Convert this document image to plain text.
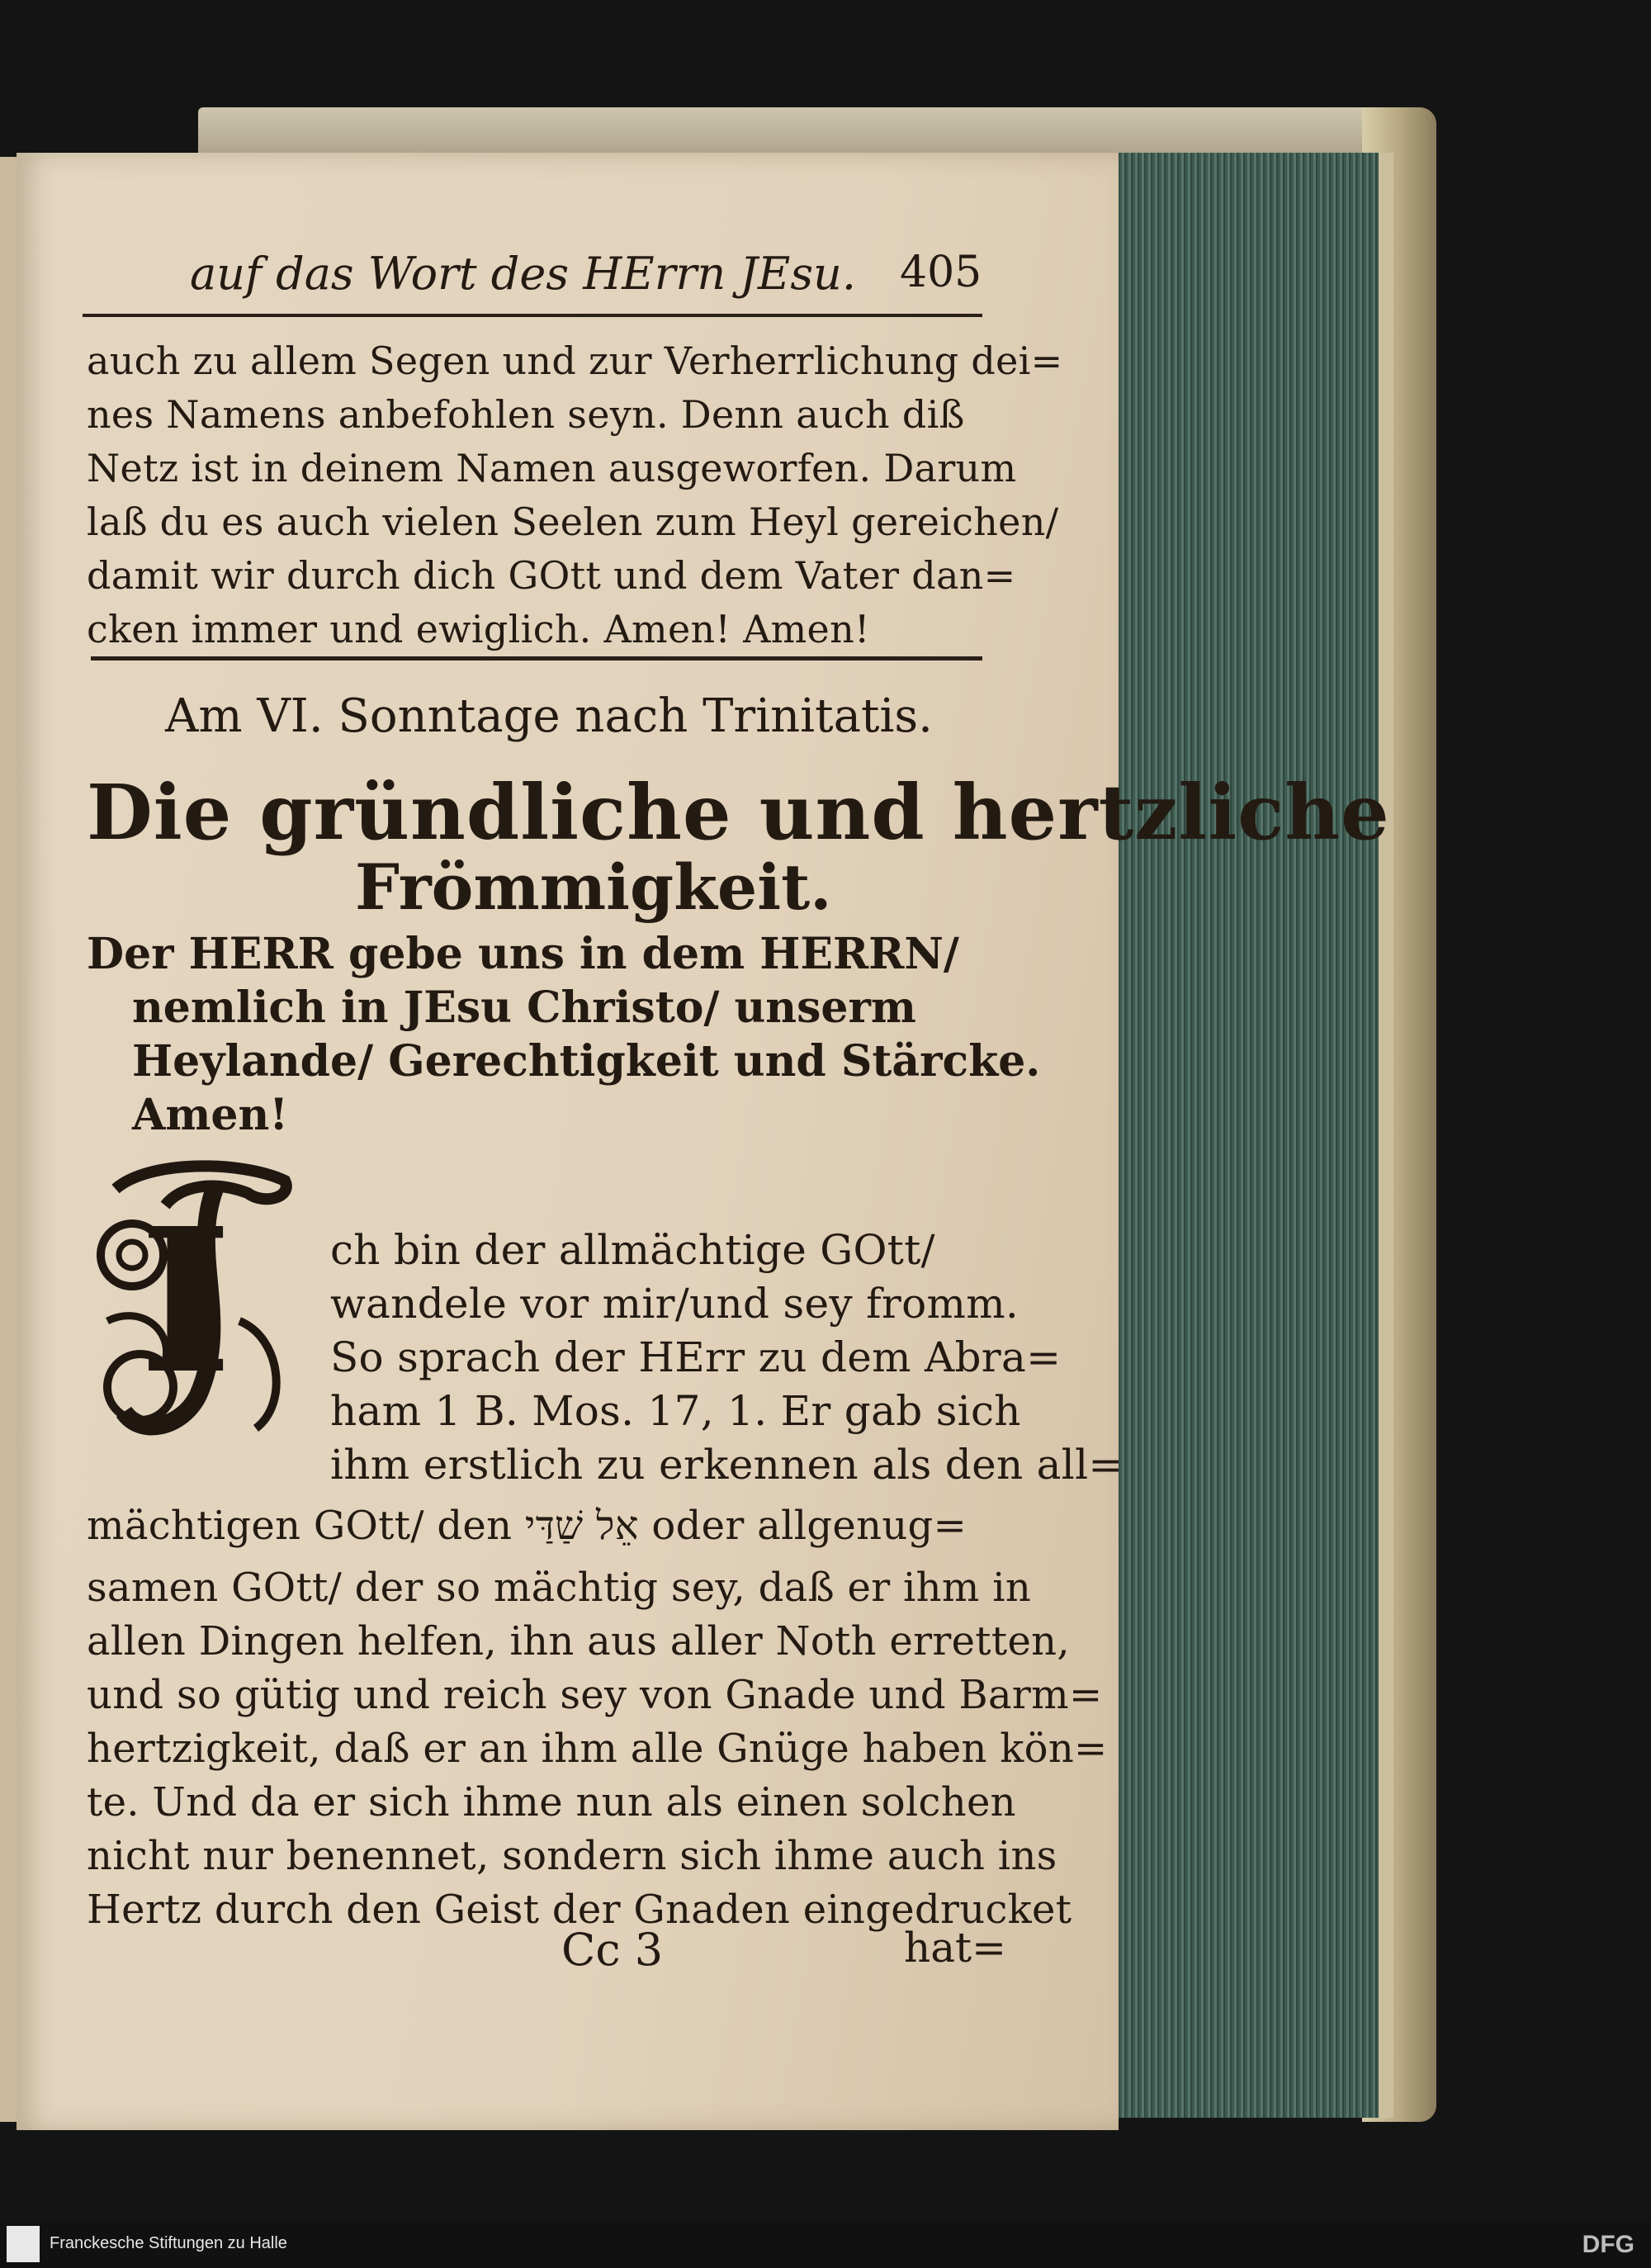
auf das Wort des HErrn JEsu. 405
auch zu allem Segen und zur Verherrlichung dei=
nes Namens anbefohlen seyn. Denn auch diß
Netz ist in deinem Namen ausgeworfen. Darum
laß du es auch vielen Seelen zum Heyl gereichen/
damit wir durch dich GOtt und dem Vater dan=
cken immer und ewiglich. Amen! Amen!
Am VI. Sonntage nach Trinitatis.
Die gründliche und hertzliche
Frömmigkeit.
Der HERR gebe uns in dem HERRN/
nemlich in JEsu Christo/ unserm
Heylande/ Gerechtigkeit und Stärcke.
Amen!
I ch bin der allmächtige GOtt/
wandele vor mir/und sey fromm.
So sprach der HErr zu dem Abra=
ham 1 B. Mos. 17, 1. Er gab sich
ihm erstlich zu erkennen als den all=
mächtigen GOtt/ den אֵל שַׁדַּי oder allgenug=
samen GOtt/ der so mächtig sey, daß er ihm in
allen Dingen helfen, ihn aus aller Noth erretten,
und so gütig und reich sey von Gnade und Barm=
hertzigkeit, daß er an ihm alle Gnüge haben kön=
te. Und da er sich ihme nun als einen solchen
nicht nur benennet, sondern sich ihme auch ins
Hertz durch den Geist der Gnaden eingedrucket
Cc 3	hat=
Franckesche Stiftungen zu Halle	DFG
